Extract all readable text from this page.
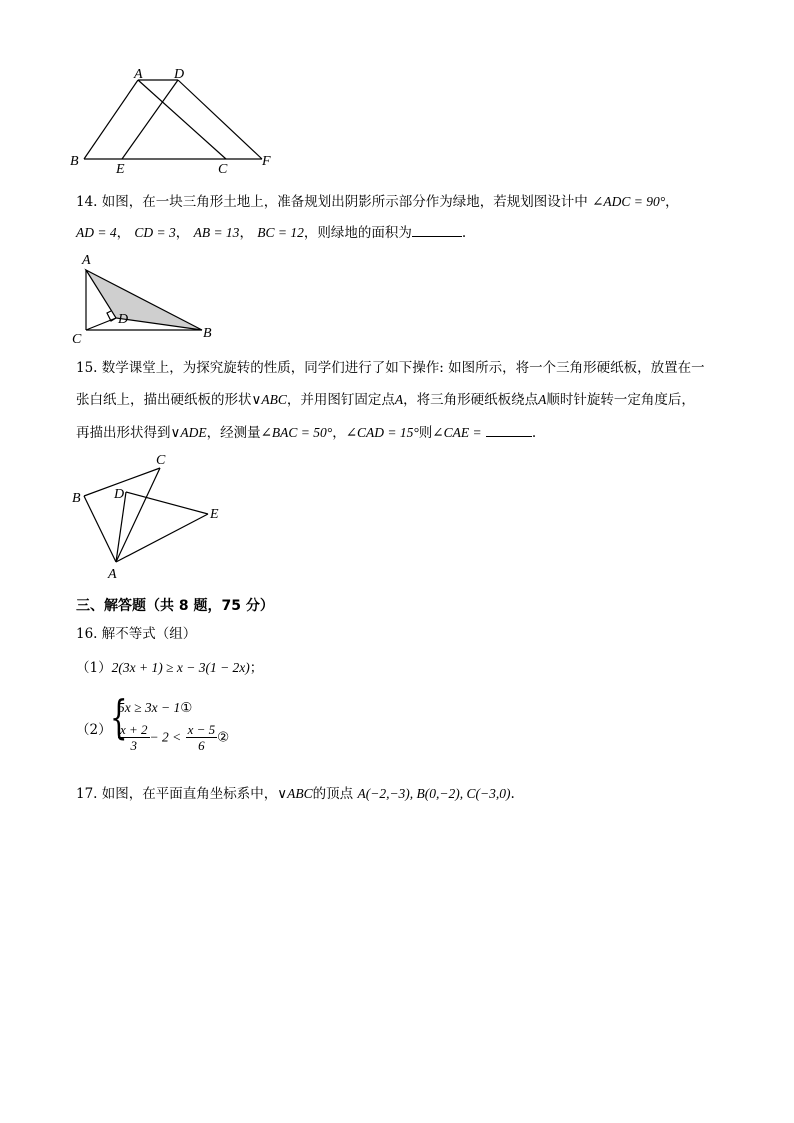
A D
B
E	C
F
14. 如图，在一块三角形土地上，准备规划出阴影所示部分作为绿地，若规划图设计中 ∠ADC = 90°，
AD = 4， CD = 3， AB = 13， BC = 12，则绿地的面积为	.
A
C
D
B
15. 数学课堂上，为探究旋转的性质，同学们进行了如下操作: 如图所示，将一个三角形硬纸板，放置在一
张白纸上，描出硬纸板的形状∨ABC，并用图钉固定点A，将三角形硬纸板绕点A顺时针旋转一定角度后，
再描出形状得到∨ADE，经测量∠BAC = 50°，∠CAD = 15°则∠CAE =	.
C
B D
E
A
三、解答题（共 8 题，75 分）
16. 解不等式（组）
（1）2(3x + 1) ≥ x − 3(1 − 2x)；
（2）
{
5x ≥ 3x − 1①
$\frac{x + 2}{3} - 2 < \frac{x - 5}{6}$ ②
17. 如图，在平面直角坐标系中，∨ABC的顶点 A(−2,−3), B(0,−2), C(−3,0).
